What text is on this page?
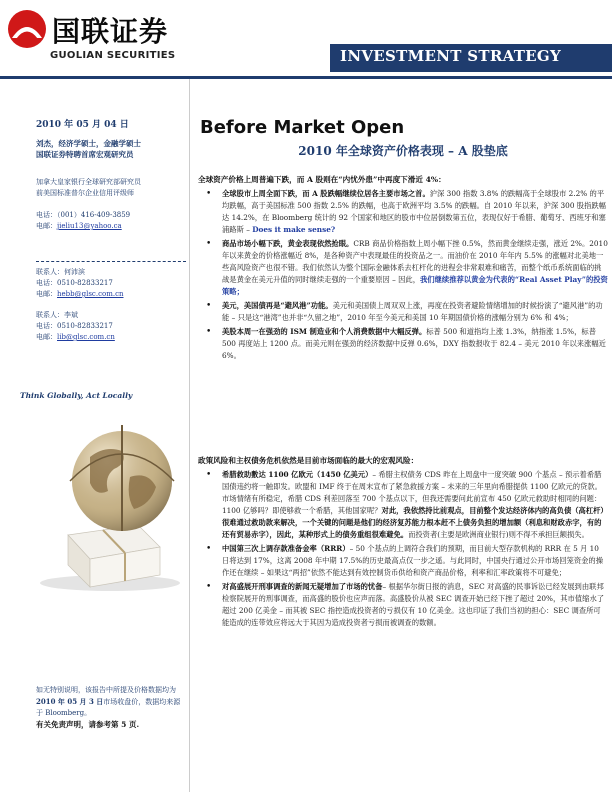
国联证券
GUOLIAN SECURITIES	INVESTMENT STRATEGY
2010 年 05 月 04 日
刘杰，经济学硕士，金融学硕士
国联证券特聘首席宏观研究员
加拿大皇家银行全球研究部研究员
前美国标准普尔企业信用评级师
电话：（001）416-409-3859
电邮：jieliu13@yahoo.ca
联系人：何沛滨
电话：0510-82833217
电邮：hebb@glsc.com.cn
联系人：李斌
电话：0510-82833217
电邮：lib@glsc.com.cn
Think Globally, Act Locally
如无特别说明，该报告中所提及价格数据均为2010 年 05 月 3 日市场收盘价，数据均来源于 Bloomberg。
有关免责声明，请参考第 5 页.
Before Market Open
2010 年全球资产价格表现 – A 股垫底
全球资产价格上周普遍下跌，而 A 股则在“内忧外患”中再度下滑近 4%：
• 全球股市上周全面下跌，而 A 股跌幅继续位居各主要市场之首。沪深 300 指数 3.8% 的跌幅高于全球股市 2.2% 的平均跌幅，高于美国标准 500 指数 2.5% 的跌幅，也高于欧洲平均 3.5% 的跌幅。自 2010 年以来，沪深 300 股指跌幅达 14.2%，在 Bloomberg 统计的 92 个国家和地区的股市中位居倒数第五位，表现仅好于希腊、葡萄牙、西班牙和塞浦路斯 – Does it make sense?
• 商品市场小幅下跌，黄金表现依然抢眼。CRB 商品价格指数上周小幅下挫 0.5%，然而黄金继续走强，涨近 2%。2010 年以来黄金的价格涨幅近 8%，是各种资产中表现最佳的投资品之一。而油价在 2010 年年内 5.5% 的涨幅对北美地一些高风险资产也很不错。我们依然认为整个国际金融体系去杠杆化的进程会非常艰难和痛苦，而整个纸币系统面临的挑战是黄金在美元升值的同时继续走强的一个重要原因 – 因此，我们继续推荐以黄金为代表的“Real Asset Play”的投资策略；
• 美元，美国债再是“避风港”功能。美元和美国债上周双双上涨，再度在投资者避险情绪增加的时候扮演了“避风港”的功能 – 只是这“港湾”也并非“久留之地”，2010 年至今美元和美国 10 年期国债价格的涨幅分别为 6% 和 4%；
• 美股本周一在强劲的 ISM 制造业和个人消费数据中大幅反弹。标普 500 和道指均上涨 1.3%，纳指涨 1.5%，标普 500 再度站上 1200 点。而美元则在强劲的经济数据中反弹 0.6%，DXY 指数报收于 82.4 – 美元 2010 年以来涨幅近 6%。
政策风险和主权债务危机依然是目前市场面临的最大的宏观风险：
• 希腊救助數达 1100 亿欧元（1450 亿美元）– 希腊主权债务 CDS 昨在上周盘中一度突破 900 个基点 – 预示着希腊国债违约将一触即发。欧盟和 IMF 终于在周末宣布了紧急救援方案 – 未来的三年里向希腊提供 1100 亿欧元的贷款。市场情绪有所稳定，希腊 CDS 利差回落至 700 个基点以下，但我还需要问此前宣布 450 亿欧元救助时相同的问题：1100 亿够吗？即使够救一个希腊，其他国家呢？对此，我依然持比前观点，目前整个发达经济体内的高负债（高杠杆）很难通过救助款来解决，一个关键的问题是他们的经济复苏能力根本赶不上债务负担的增加额（利息和财政赤字，有的还有贸易赤字），因此，某种形式上的债务重组很难避免。而投资者(主要是欧洲商业银行)则不得不承担巨额损失。
• 中国第三次上调存款准备金率（RRR）– 50 个基点的上调符合我们的预期，而目前大型存款机构的 RRR 在 5 月 10 日将达到 17%，这离 2008 年中期 17.5%的历史最高点仅一步之遥。与此同时，中国央行通过公开市场回笼资金的操作还在继续 – 如果这“两招”依然不能达到有效控制货币供给和资产商品价格，利率和汇率政策将不可避免；
• 对高盛展开刑事调查的新闻无疑增加了市场的忧备– 根据华尔街日报的消息，SEC 对高盛的民事诉讼已经发展到由联邦检察院展开的刑事调查，而高盛的股价也应声而落。高盛股价从被 SEC 调查开始已经下挫了超过 20%，其市值缩水了超过 200 亿美金 – 而其被 SEC 指控造成投资者的亏损仅有 10 亿美金。这也印证了我们当初的担心：SEC 调查所可能造成的连带效应将远大于其因为造成投资者亏损而被调查的数额。
